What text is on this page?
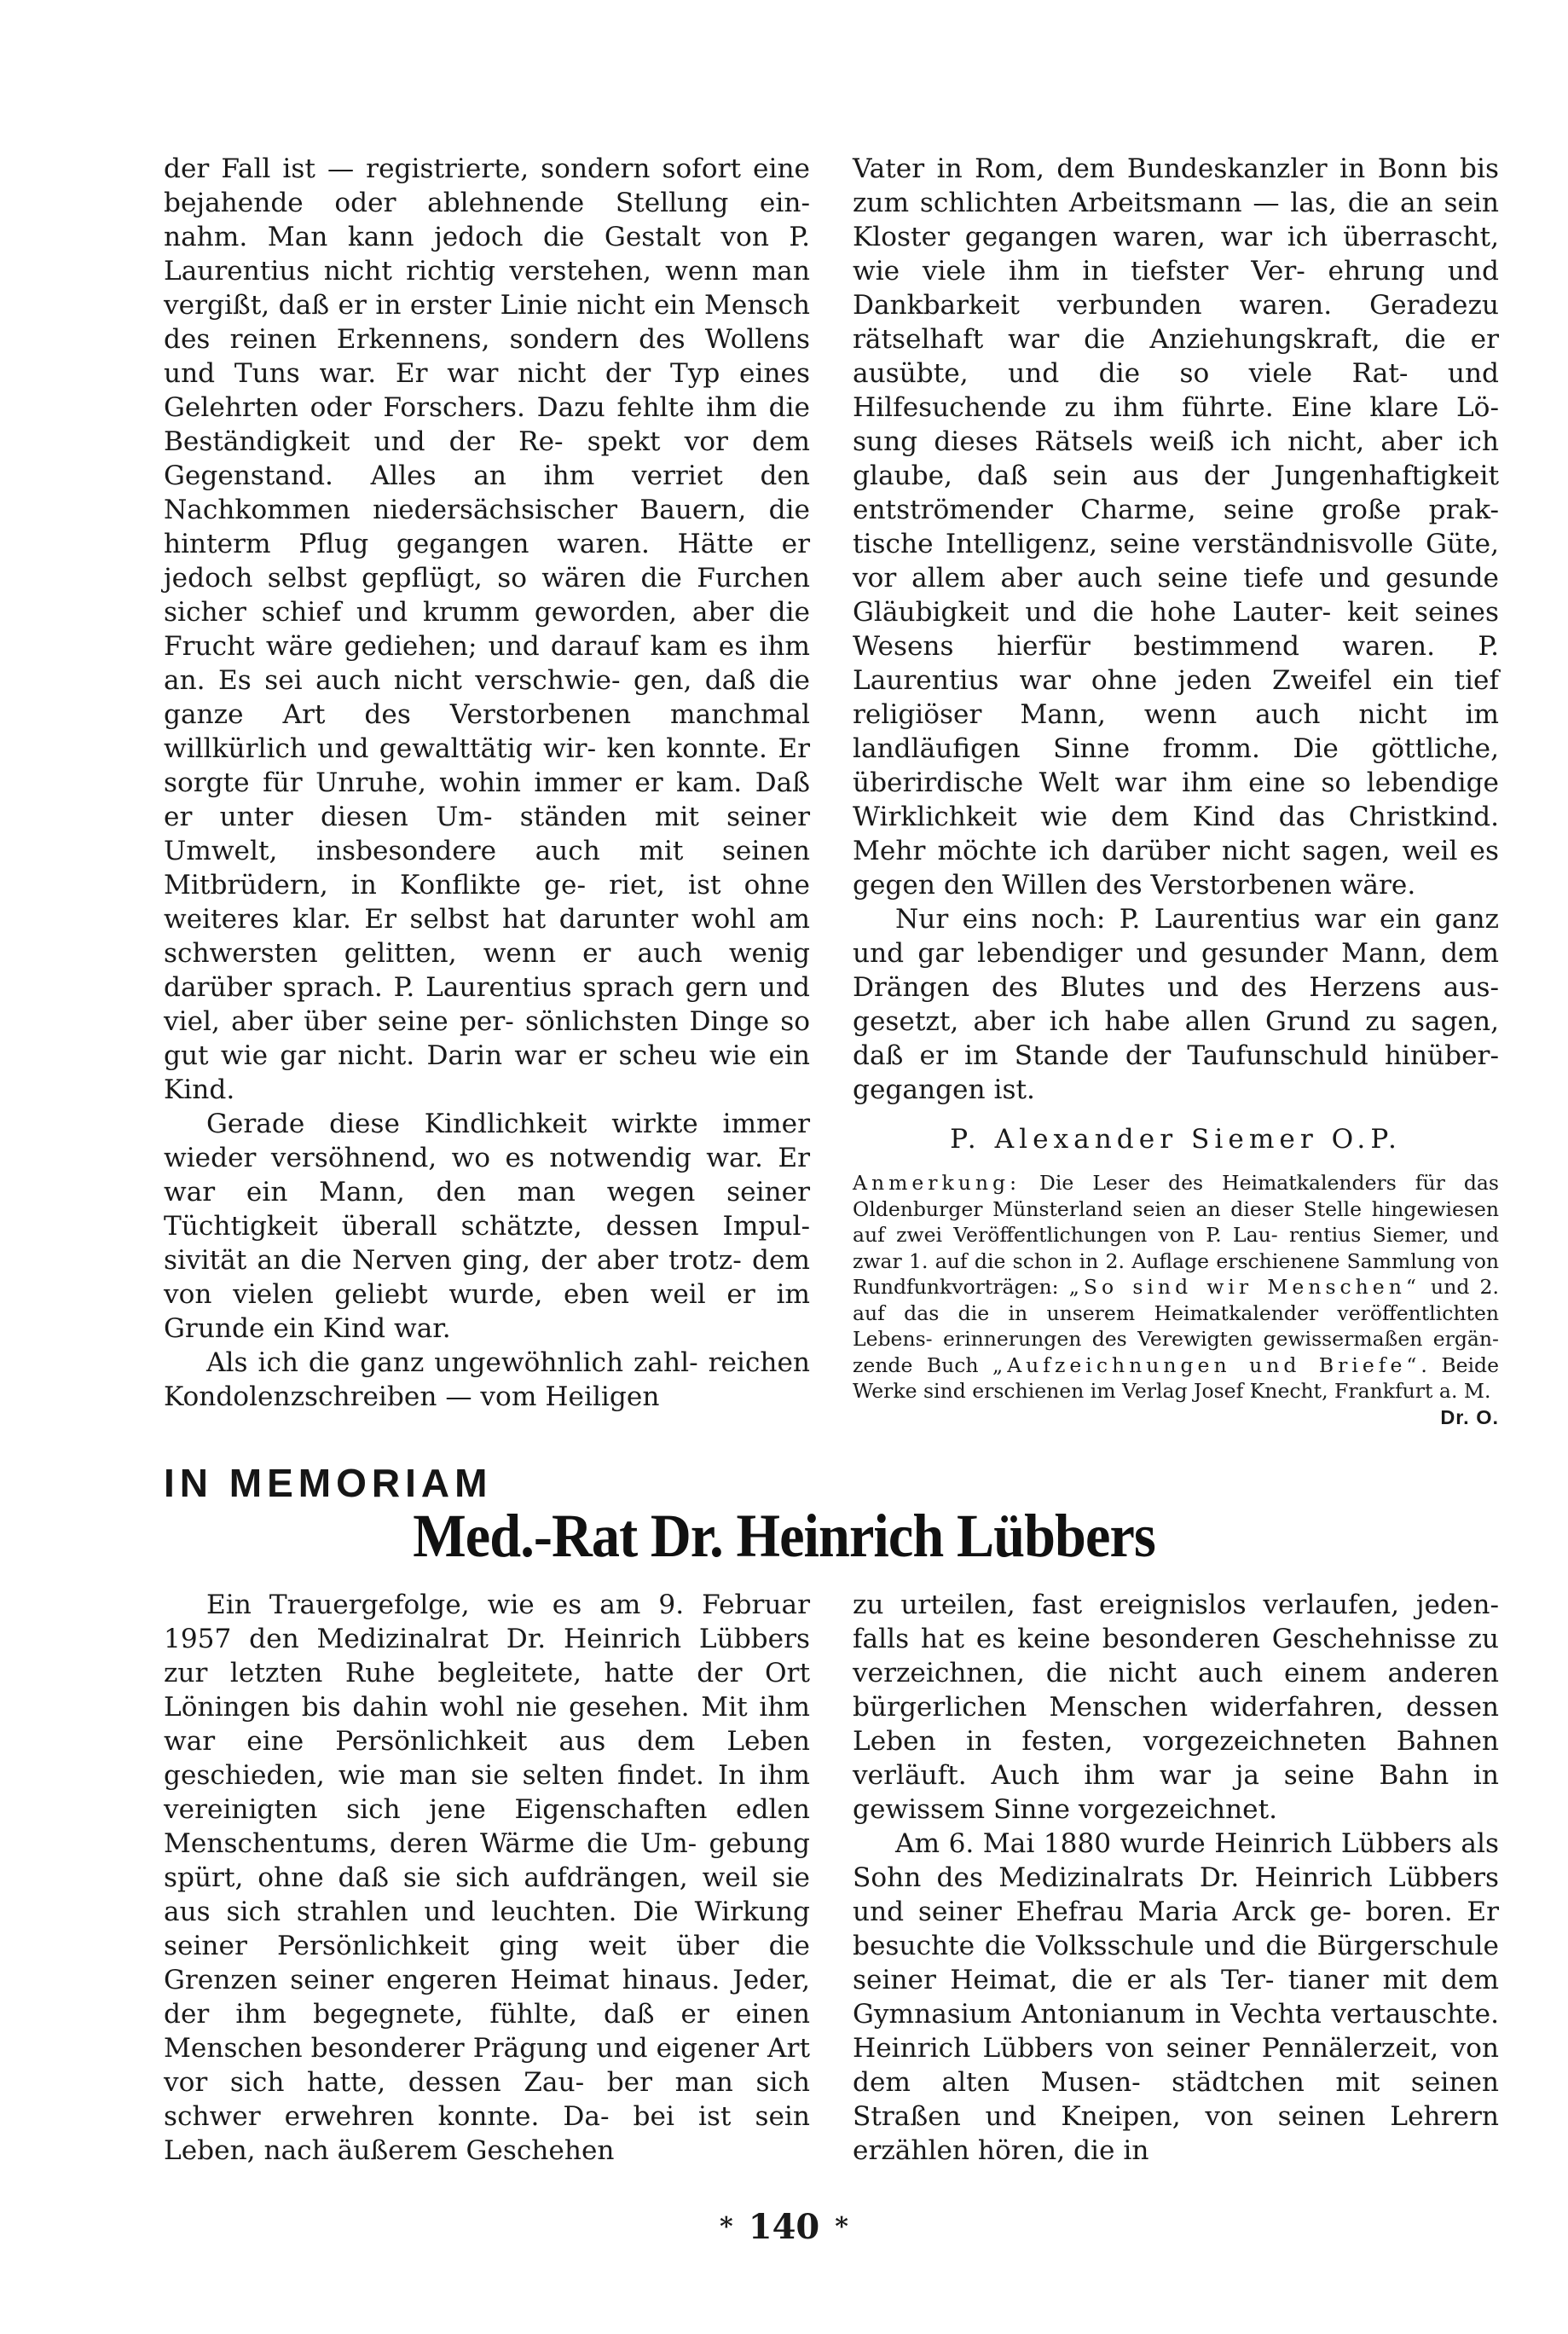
der Fall ist — registrierte, sondern sofort eine bejahende oder ablehnende Stellung ein- nahm. Man kann jedoch die Gestalt von P. Laurentius nicht richtig verstehen, wenn man vergißt, daß er in erster Linie nicht ein Mensch des reinen Erkennens, sondern des Wollens und Tuns war. Er war nicht der Typ eines Gelehrten oder Forschers. Dazu fehlte ihm die Beständigkeit und der Re- spekt vor dem Gegenstand. Alles an ihm verriet den Nachkommen niedersächsischer Bauern, die hinterm Pflug gegangen waren. Hätte er jedoch selbst gepflügt, so wären die Furchen sicher schief und krumm geworden, aber die Frucht wäre gediehen; und darauf kam es ihm an. Es sei auch nicht verschwie- gen, daß die ganze Art des Verstorbenen manchmal willkürlich und gewalttätig wir- ken konnte. Er sorgte für Unruhe, wohin immer er kam. Daß er unter diesen Um- ständen mit seiner Umwelt, insbesondere auch mit seinen Mitbrüdern, in Konflikte ge- riet, ist ohne weiteres klar. Er selbst hat darunter wohl am schwersten gelitten, wenn er auch wenig darüber sprach. P. Laurentius sprach gern und viel, aber über seine per- sönlichsten Dinge so gut wie gar nicht. Darin war er scheu wie ein Kind.

Gerade diese Kindlichkeit wirkte immer wieder versöhnend, wo es notwendig war. Er war ein Mann, den man wegen seiner Tüchtigkeit überall schätzte, dessen Impul- sivität an die Nerven ging, der aber trotz- dem von vielen geliebt wurde, eben weil er im Grunde ein Kind war.

Als ich die ganz ungewöhnlich zahl- reichen Kondolenzschreiben — vom Heiligen

Vater in Rom, dem Bundeskanzler in Bonn bis zum schlichten Arbeitsmann — las, die an sein Kloster gegangen waren, war ich überrascht, wie viele ihm in tiefster Ver- ehrung und Dankbarkeit verbunden waren. Geradezu rätselhaft war die Anziehungskraft, die er ausübte, und die so viele Rat- und Hilfesuchende zu ihm führte. Eine klare Lö- sung dieses Rätsels weiß ich nicht, aber ich glaube, daß sein aus der Jungenhaftigkeit entströmender Charme, seine große prak- tische Intelligenz, seine verständnisvolle Güte, vor allem aber auch seine tiefe und gesunde Gläubigkeit und die hohe Lauter- keit seines Wesens hierfür bestimmend waren. P. Laurentius war ohne jeden Zweifel ein tief religiöser Mann, wenn auch nicht im landläufigen Sinne fromm. Die göttliche, überirdische Welt war ihm eine so lebendige Wirklichkeit wie dem Kind das Christkind. Mehr möchte ich darüber nicht sagen, weil es gegen den Willen des Verstorbenen wäre.

Nur eins noch: P. Laurentius war ein ganz und gar lebendiger und gesunder Mann, dem Drängen des Blutes und des Herzens aus- gesetzt, aber ich habe allen Grund zu sagen, daß er im Stande der Taufunschuld hinüber- gegangen ist.

P. Alexander Siemer O.P.

Anmerkung: Die Leser des Heimatkalenders für das Oldenburger Münsterland seien an dieser Stelle hingewiesen auf zwei Veröffentlichungen von P. Lau- rentius Siemer, und zwar 1. auf die schon in 2. Auflage erschienene Sammlung von Rundfunkvorträgen: „So sind wir Menschen“ und 2. auf das die in unserem Heimatkalender veröffentlichten Lebens- erinnerungen des Verewigten gewissermaßen ergän- zende Buch „Aufzeichnungen und Briefe“. Beide Werke sind erschienen im Verlag Josef Knecht, Frankfurt a. M.
Dr. O.

IN MEMORIAM
Med.-Rat Dr. Heinrich Lübbers

Ein Trauergefolge, wie es am 9. Februar 1957 den Medizinalrat Dr. Heinrich Lübbers zur letzten Ruhe begleitete, hatte der Ort Löningen bis dahin wohl nie gesehen. Mit ihm war eine Persönlichkeit aus dem Leben geschieden, wie man sie selten findet. In ihm vereinigten sich jene Eigenschaften edlen Menschentums, deren Wärme die Um- gebung spürt, ohne daß sie sich aufdrängen, weil sie aus sich strahlen und leuchten. Die Wirkung seiner Persönlichkeit ging weit über die Grenzen seiner engeren Heimat hinaus. Jeder, der ihm begegnete, fühlte, daß er einen Menschen besonderer Prägung und eigener Art vor sich hatte, dessen Zau- ber man sich schwer erwehren konnte. Da- bei ist sein Leben, nach äußerem Geschehen

zu urteilen, fast ereignislos verlaufen, jeden- falls hat es keine besonderen Geschehnisse zu verzeichnen, die nicht auch einem anderen bürgerlichen Menschen widerfahren, dessen Leben in festen, vorgezeichneten Bahnen verläuft. Auch ihm war ja seine Bahn in gewissem Sinne vorgezeichnet.

Am 6. Mai 1880 wurde Heinrich Lübbers als Sohn des Medizinalrats Dr. Heinrich Lübbers und seiner Ehefrau Maria Arck ge- boren. Er besuchte die Volksschule und die Bürgerschule seiner Heimat, die er als Ter- tianer mit dem Gymnasium Antonianum in Vechta vertauschte. Heinrich Lübbers von seiner Pennälerzeit, von dem alten Musen- städtchen mit seinen Straßen und Kneipen, von seinen Lehrern erzählen hören, die in

* 140 *
